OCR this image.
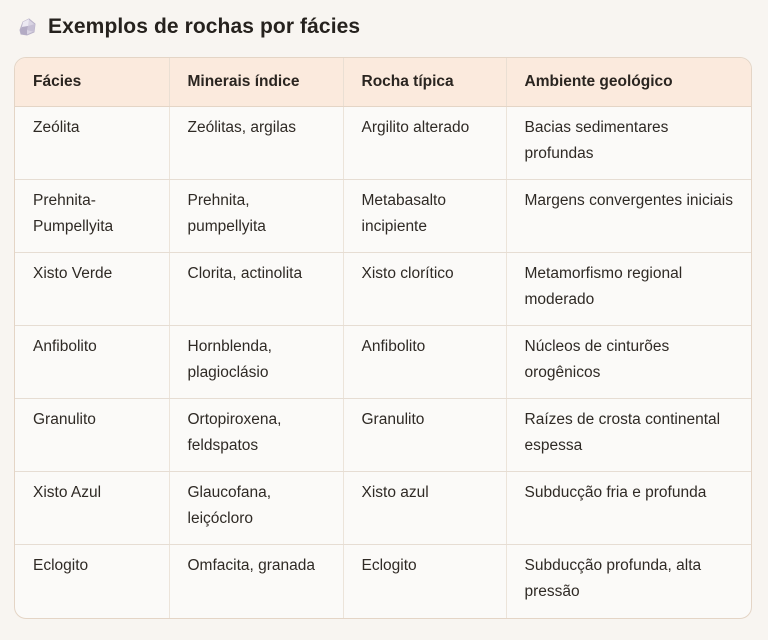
Exemplos de rochas por fácies
Fácies	Minerais índice	Rocha típica	Ambiente geológico
Zeólita	Zeólitas, argilas	Argilito alterado	Bacias sedimentares profundas
Prehnita-Pumpellyita	Prehnita, pumpellyita	Metabasalto incipiente	Margens convergentes iniciais
Xisto Verde	Clorita, actinolita	Xisto clorítico	Metamorfismo regional moderado
Anfibolito	Hornblenda, plagioclásio	Anfibolito	Núcleos de cinturões orogênicos
Granulito	Ortopiroxena, feldspatos	Granulito	Raízes de crosta continental espessa
Xisto Azul	Glaucofana, leiçócloro	Xisto azul	Subducção fria e profunda
Eclogito	Omfacita, granada	Eclogito	Subducção profunda, alta pressão
